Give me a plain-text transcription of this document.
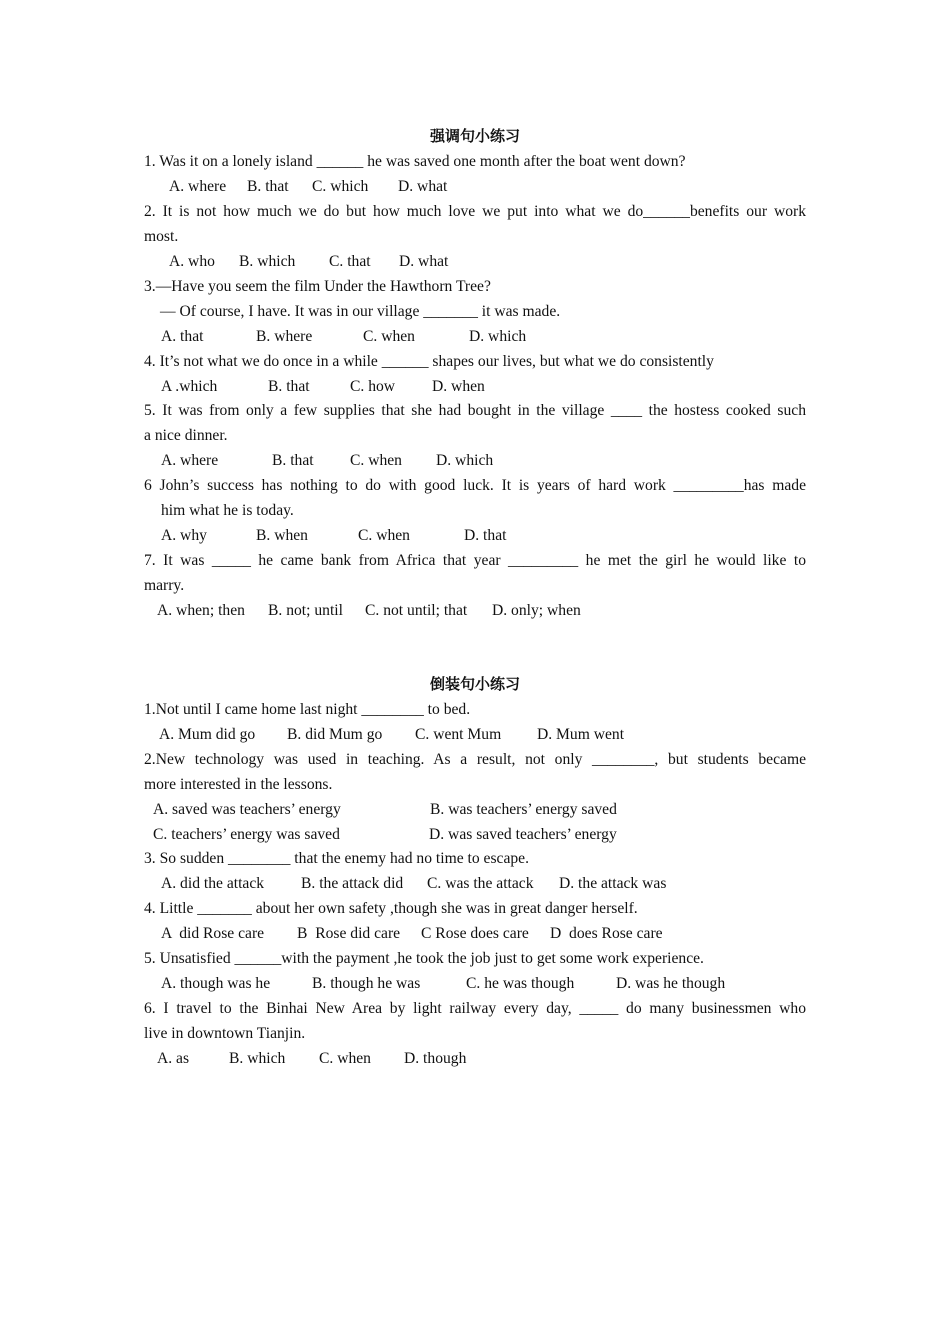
强调句小练习
1. Was it on a lonely island ______ he was saved one month after the boat went down?
A. where B. that C. which D. what
2. It is not how much we do but how much love we put into what we do______benefits our work
most.
A. who B. which C. that D. what
3.—Have you seem the film Under the Hawthorn Tree?
— Of course, I have. It was in our village _______ it was made.
A. that	B. where	C. when	D. which
4. It’s not what we do once in a while ______ shapes our lives, but what we do consistently
A .which	B. that	C. how D. when
5. It was from only a few supplies that she had bought in the village ____ the hostess cooked such
a nice dinner.
A. where	B. that C. when D. which
6 John’s success has nothing to do with good luck. It is years of hard work _________has made
him what he is today.
A. why	B. when	C. when	D. that
7. It was _____ he came bank from Africa that year _________ he met the girl he would like to
marry.
A. when; then B. not; until C. not until; that D. only; when
倒装句小练习
1.Not until I came home last night ________ to bed.
A. Mum did go B. did Mum go C. went Mum D. Mum went
2.New technology was used in teaching. As a result, not only ________, but students became
more interested in the lessons.
A. saved was teachers’ energy	B. was teachers’ energy saved
C. teachers’ energy was saved	D. was saved teachers’ energy
3. So sudden ________ that the enemy had no time to escape.
A. did the attack B. the attack did C. was the attack D. the attack was
4. Little _______ about her own safety ,though she was in great danger herself.
A  did Rose care B  Rose did care C Rose does care D  does Rose care
5. Unsatisfied ______with the payment ,he took the job just to get some work experience.
A. though was he	B. though he was	C. he was though	D. was he though
6. I travel to the Binhai New Area by light railway every day, _____ do many businessmen who
live in downtown Tianjin.
A. as	B. which C. when D. though
